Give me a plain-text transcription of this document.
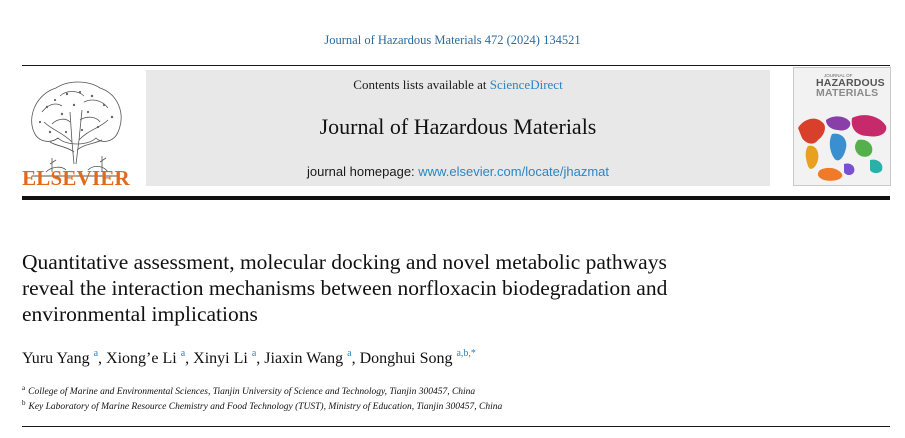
Journal of Hazardous Materials 472 (2024) 134521
ELSEVIER
Contents lists available at ScienceDirect
Journal of Hazardous Materials
journal homepage: www.elsevier.com/locate/jhazmat
JOURNAL OF
HAZARDOUS
MATERIALS
Quantitative assessment, molecular docking and novel metabolic pathways
reveal the interaction mechanisms between norfloxacin biodegradation and
environmental implications
Yuru Yang $^a$, Xiong’e Li $^a$, Xinyi Li $^a$, Jiaxin Wang $^a$, Donghui Song $^{a,b,*}$
$^a$ College of Marine and Environmental Sciences, Tianjin University of Science and Technology, Tianjin 300457, China
$^b$ Key Laboratory of Marine Resource Chemistry and Food Technology (TUST), Ministry of Education, Tianjin 300457, China
